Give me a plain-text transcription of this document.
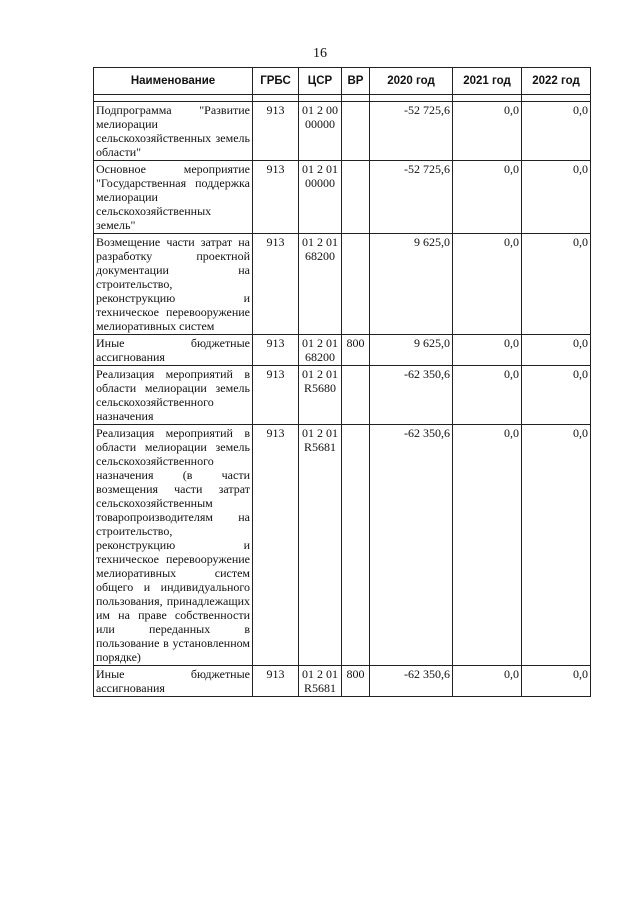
16
Наименование	ГРБС	ЦСР	ВР	2020 год	2021 год	2022 год

Подпрограмма "Развитие мелиорации сельскохозяйственных земель области"	913	01 2 00 00000		-52 725,6	0,0	0,0
Основное мероприятие "Государственная поддержка мелиорации сельскохозяйственных земель"	913	01 2 01 00000		-52 725,6	0,0	0,0
Возмещение части затрат на разработку проектной документации на строительство, реконструкцию и техническое перевооружение мелиоративных систем	913	01 2 01 68200		9 625,0	0,0	0,0
Иные бюджетные ассигнования	913	01 2 01 68200	800	9 625,0	0,0	0,0
Реализация мероприятий в области мелиорации земель сельскохозяйственного назначения	913	01 2 01 R5680		-62 350,6	0,0	0,0
Реализация мероприятий в области мелиорации земель сельскохозяйственного назначения (в части возмещения части затрат сельскохозяйственным товаропроизводителям на строительство, реконструкцию и техническое перевооружение мелиоративных систем общего и индивидуального пользования, принадлежащих им на праве собственности или переданных в пользование в установленном порядке)	913	01 2 01 R5681		-62 350,6	0,0	0,0
Иные бюджетные ассигнования	913	01 2 01 R5681	800	-62 350,6	0,0	0,0
